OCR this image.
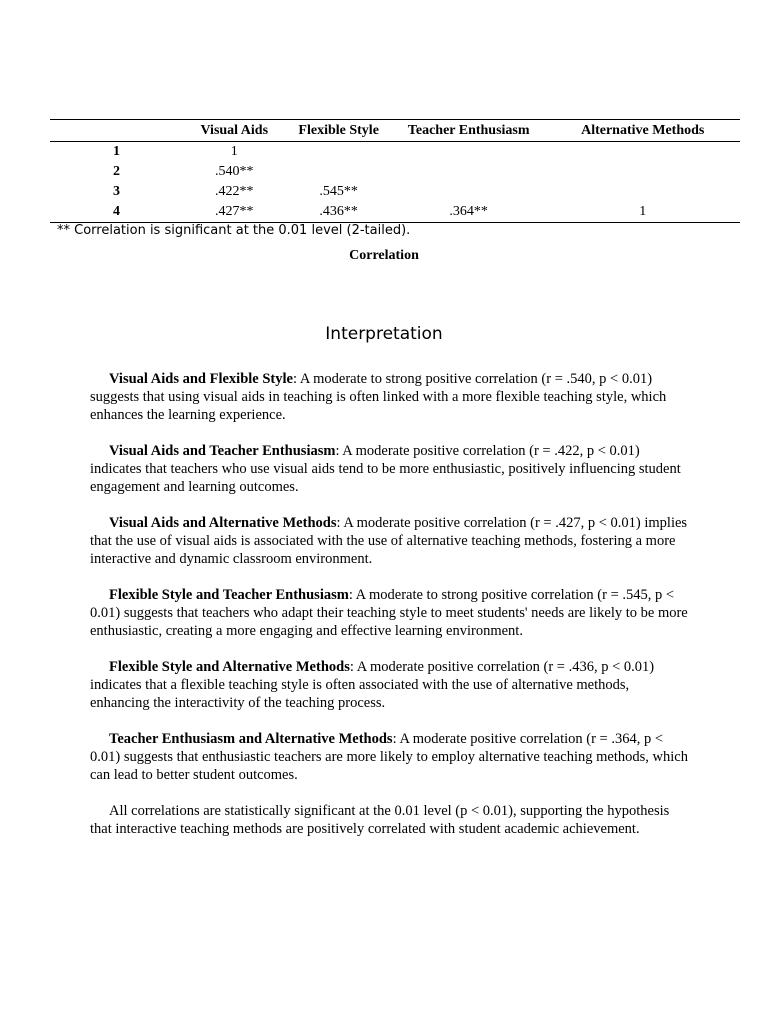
	Visual Aids	Flexible Style	Teacher Enthusiasm	Alternative Methods
1	1			
2	.540**			
3	.422**	.545**		
4	.427**	.436**	.364**	1
** Correlation is significant at the 0.01 level (2-tailed).
Correlation
Interpretation

Visual Aids and Flexible Style: A moderate to strong positive correlation (r = .540, p < 0.01) suggests that using visual aids in teaching is often linked with a more flexible teaching style, which enhances the learning experience.

Visual Aids and Teacher Enthusiasm: A moderate positive correlation (r = .422, p < 0.01) indicates that teachers who use visual aids tend to be more enthusiastic, positively influencing student engagement and learning outcomes.

Visual Aids and Alternative Methods: A moderate positive correlation (r = .427, p < 0.01) implies that the use of visual aids is associated with the use of alternative teaching methods, fostering a more interactive and dynamic classroom environment.

Flexible Style and Teacher Enthusiasm: A moderate to strong positive correlation (r = .545, p < 0.01) suggests that teachers who adapt their teaching style to meet students' needs are likely to be more enthusiastic, creating a more engaging and effective learning environment.

Flexible Style and Alternative Methods: A moderate positive correlation (r = .436, p < 0.01) indicates that a flexible teaching style is often associated with the use of alternative methods, enhancing the interactivity of the teaching process.

Teacher Enthusiasm and Alternative Methods: A moderate positive correlation (r = .364, p < 0.01) suggests that enthusiastic teachers are more likely to employ alternative teaching methods, which can lead to better student outcomes.

All correlations are statistically significant at the 0.01 level (p < 0.01), supporting the hypothesis that interactive teaching methods are positively correlated with student academic achievement.
